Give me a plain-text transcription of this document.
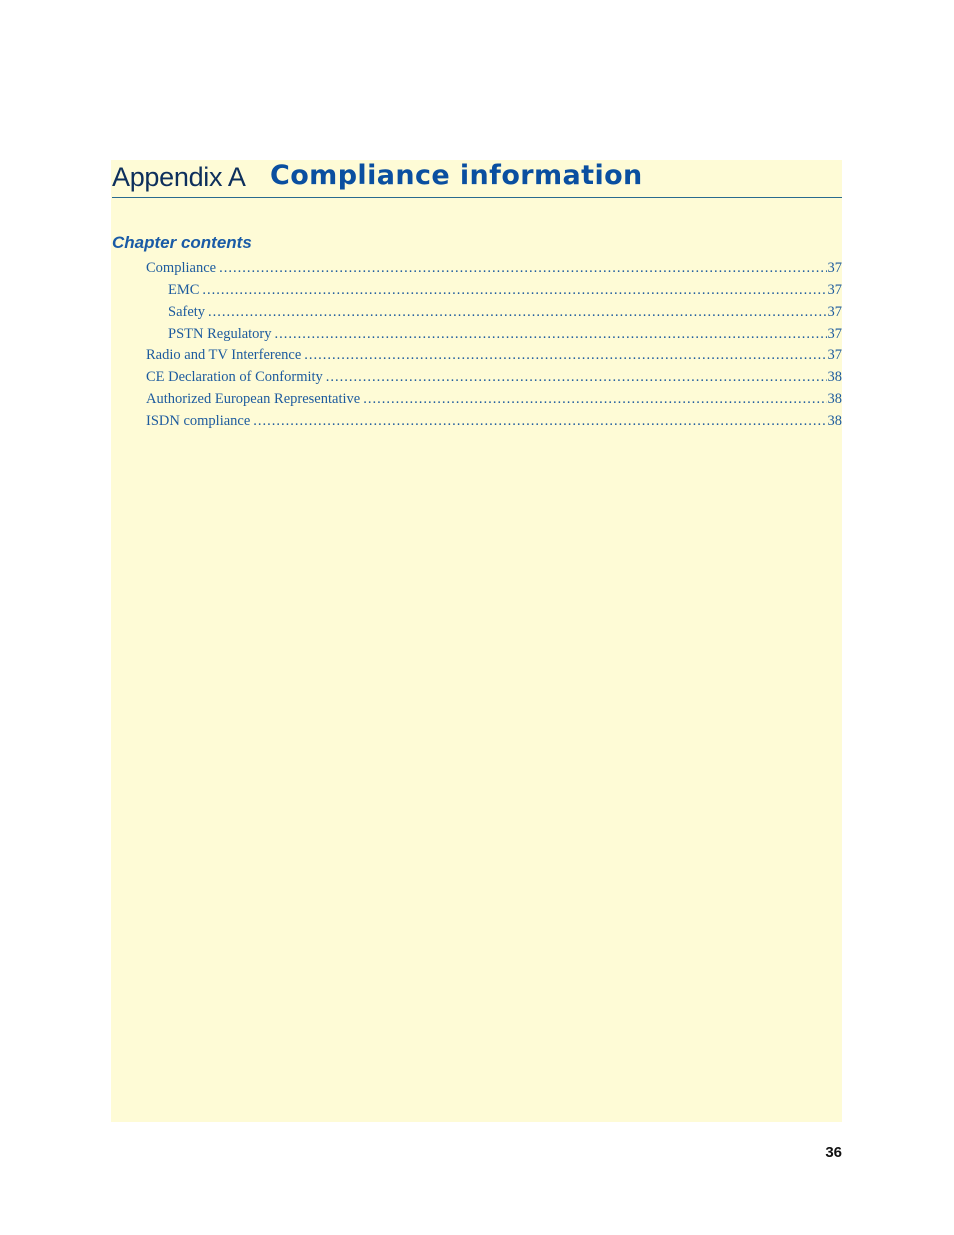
Appendix A Compliance information
Chapter contents
Compliance .....	37
EMC .....	37
Safety .....	37
PSTN Regulatory .....	37
Radio and TV Interference .....	37
CE Declaration of Conformity .....	38
Authorized European Representative .....	38
ISDN compliance .....	38
36
